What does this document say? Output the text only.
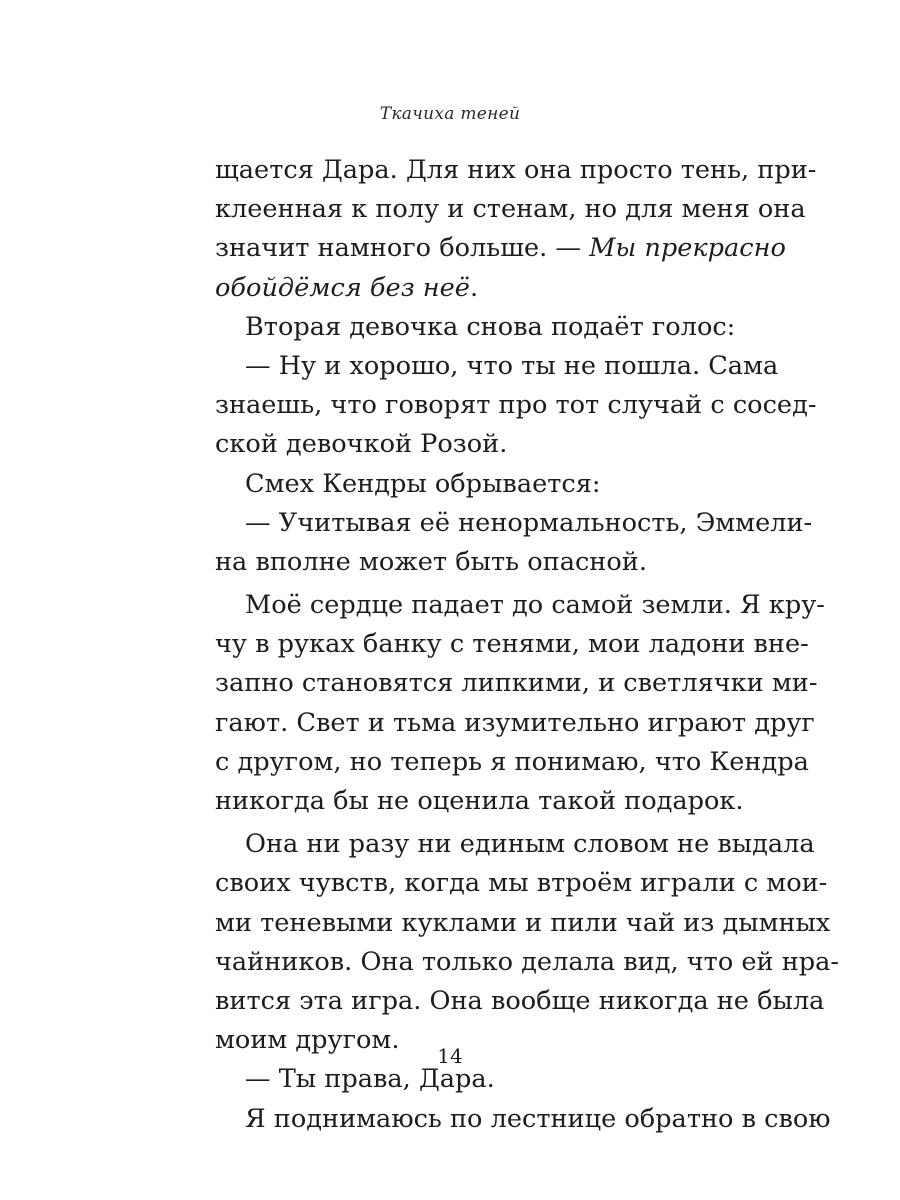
Ткачиха теней
щается Дара. Для них она просто тень, при-
клеенная к полу и стенам, но для меня она
значит намного больше. — Мы прекрасно
обойдёмся без неё.
Вторая девочка снова подаёт голос:
— Ну и хорошо, что ты не пошла. Сама
знаешь, что говорят про тот случай с сосед-
ской девочкой Розой.
Смех Кендры обрывается:
— Учитывая её ненормальность, Эммели-
на вполне может быть опасной.
Моё сердце падает до самой земли. Я кру-
чу в руках банку с тенями, мои ладони вне-
запно становятся липкими, и светлячки ми-
гают. Свет и тьма изумительно играют друг
с другом, но теперь я понимаю, что Кендра
никогда бы не оценила такой подарок.
Она ни разу ни единым словом не выдала
своих чувств, когда мы втроём играли с мои-
ми теневыми куклами и пили чай из дымных
чайников. Она только делала вид, что ей нра-
вится эта игра. Она вообще никогда не была
моим другом.
— Ты права, Дара.
Я поднимаюсь по лестнице обратно в свою
14
